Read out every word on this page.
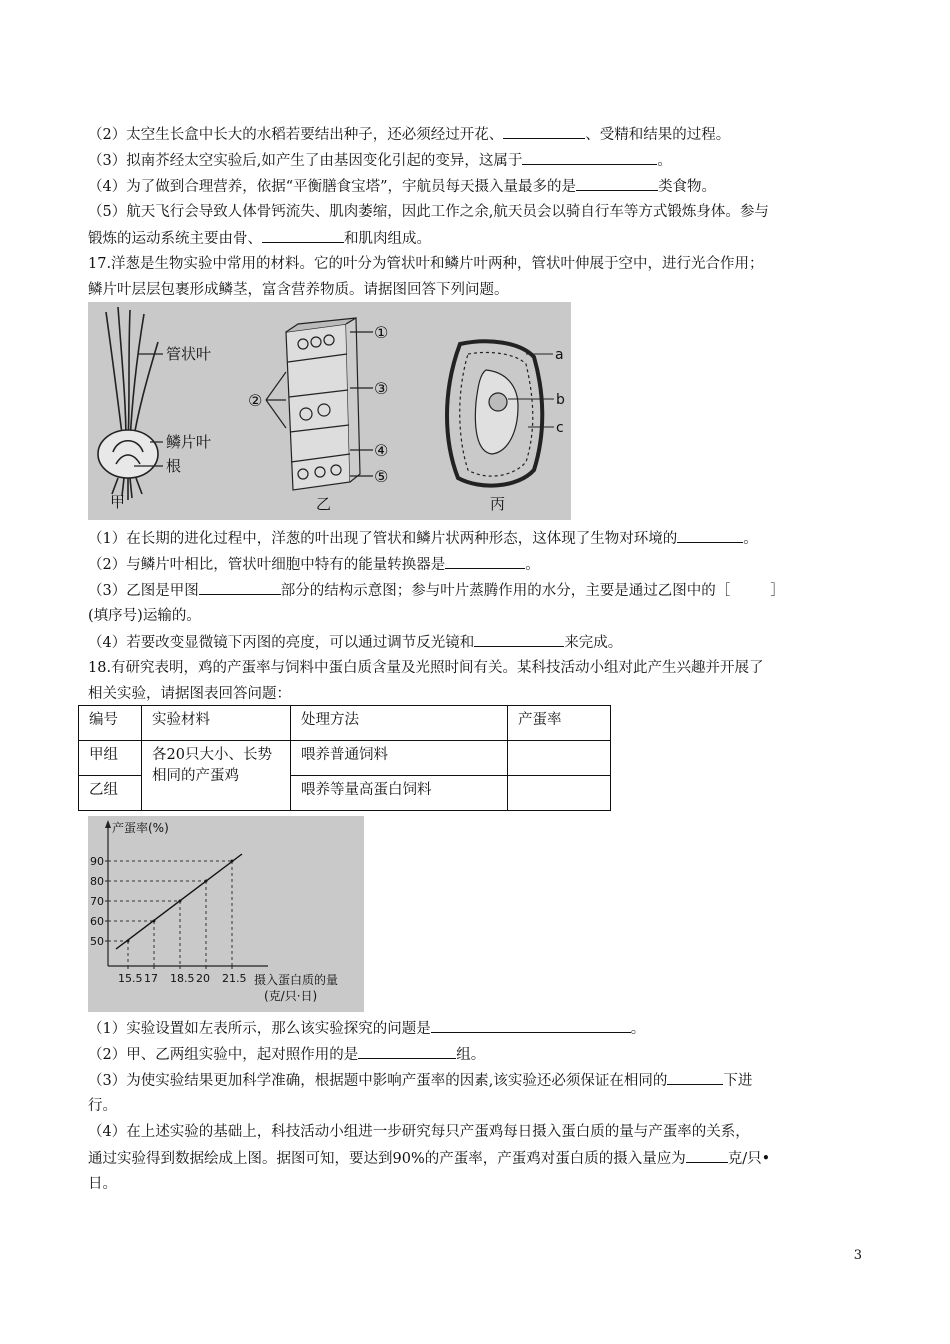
（2）太空生长盒中长大的水稻若要结出种子，还必须经过开花、	、受精和结果的过程。
（3）拟南芥经太空实验后,如产生了由基因变化引起的变异，这属于	。
（4）为了做到合理营养，依据“平衡膳食宝塔”，宇航员每天摄入量最多的是	类食物。
（5）航天飞行会导致人体骨钙流失、肌肉萎缩，因此工作之余,航天员会以骑自行车等方式锻炼身体。参与
锻炼的运动系统主要由骨、	和肌肉组成。
17.洋葱是生物实验中常用的材料。它的叶分为管状叶和鳞片叶两种，管状叶伸展于空中，进行光合作用；
鳞片叶层层包裹形成鳞茎，富含营养物质。请据图回答下列问题。
管状叶
鳞片叶
根
甲
①
②
③
④
⑤
乙
a
b
c
丙
（1）在长期的进化过程中，洋葱的叶出现了管状和鳞片状两种形态，这体现了生物对环境的	。
（2）与鳞片叶相比，管状叶细胞中特有的能量转换器是	。
（3）乙图是甲图	部分的结构示意图；参与叶片蒸腾作用的水分，主要是通过乙图中的［	］
(填序号)运输的。
（4）若要改变显微镜下丙图的亮度，可以通过调节反光镜和	来完成。
18.有研究表明，鸡的产蛋率与饲料中蛋白质含量及光照时间有关。某科技活动小组对此产生兴趣并开展了
相关实验，请据图表回答问题：
编号	实验材料	处理方法	产蛋率
甲组	各20只大小、长势相同的产蛋鸡	喂养普通饲料	
乙组		喂养等量高蛋白饲料	
产蛋率(%)
摄入蛋白质的量
(克/只·日)
50
60
70
80
90
15.5 17 18.5 20 21.5
（1）实验设置如左表所示，那么该实验探究的问题是	。
（2）甲、乙两组实验中，起对照作用的是	组。
（3）为使实验结果更加科学准确，根据题中影响产蛋率的因素,该实验还必须保证在相同的	下进
行。
（4）在上述实验的基础上，科技活动小组进一步研究每只产蛋鸡每日摄入蛋白质的量与产蛋率的关系，
通过实验得到数据绘成上图。据图可知，要达到90%的产蛋率，产蛋鸡对蛋白质的摄入量应为	克/只•
日。
3
